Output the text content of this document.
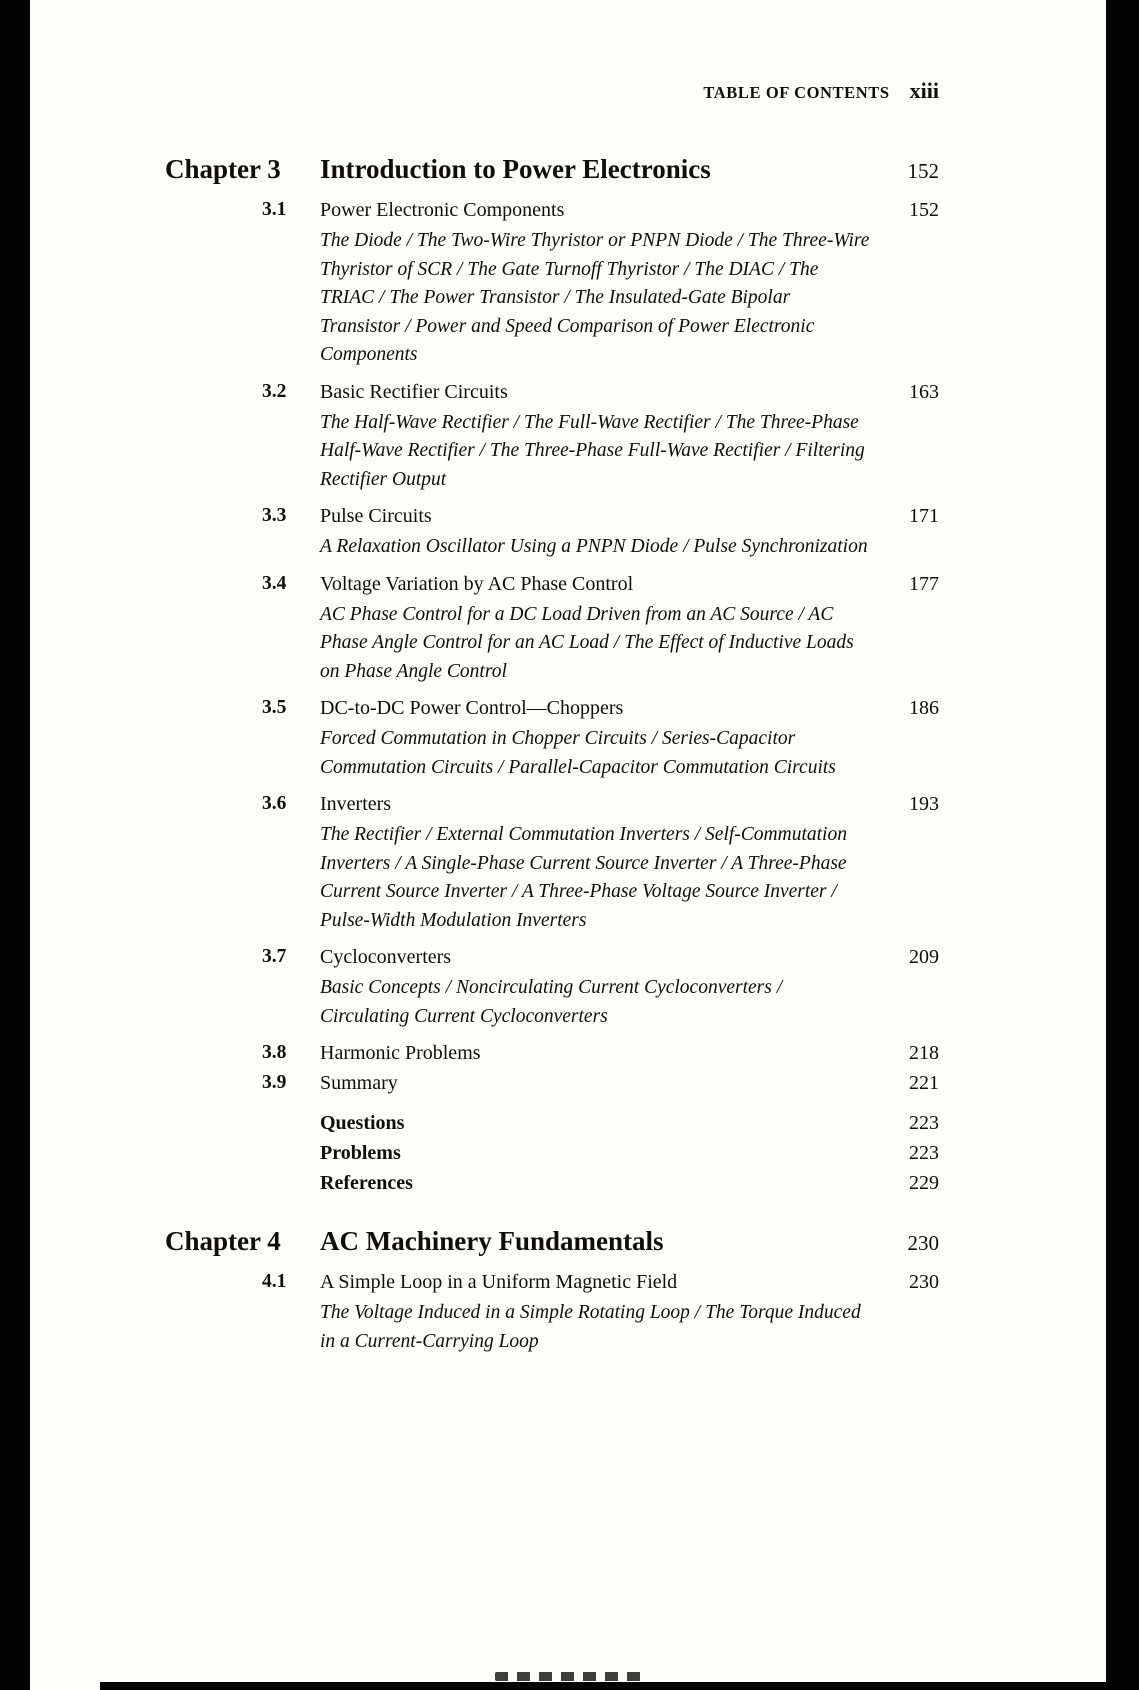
TABLE OF CONTENTS xiii
Chapter 3	Introduction to Power Electronics	152
3.1	Power Electronic Components	152

The Diode / The Two-Wire Thyristor or PNPN Diode / The Three-Wire Thyristor of SCR / The Gate Turnoff Thyristor / The DIAC / The TRIAC / The Power Transistor / The Insulated-Gate Bipolar Transistor / Power and Speed Comparison of Power Electronic Components

3.2	Basic Rectifier Circuits	163

The Half-Wave Rectifier / The Full-Wave Rectifier / The Three-Phase Half-Wave Rectifier / The Three-Phase Full-Wave Rectifier / Filtering Rectifier Output

3.3	Pulse Circuits	171

A Relaxation Oscillator Using a PNPN Diode / Pulse Synchronization

3.4	Voltage Variation by AC Phase Control	177

AC Phase Control for a DC Load Driven from an AC Source / AC Phase Angle Control for an AC Load / The Effect of Inductive Loads on Phase Angle Control

3.5	DC-to-DC Power Control—Choppers	186

Forced Commutation in Chopper Circuits / Series-Capacitor Commutation Circuits / Parallel-Capacitor Commutation Circuits

3.6	Inverters	193

The Rectifier / External Commutation Inverters / Self-Commutation Inverters / A Single-Phase Current Source Inverter / A Three-Phase Current Source Inverter / A Three-Phase Voltage Source Inverter / Pulse-Width Modulation Inverters

3.7	Cycloconverters	209

Basic Concepts / Noncirculating Current Cycloconverters / Circulating Current Cycloconverters

3.8	Harmonic Problems	218
3.9	Summary	221
Questions	223
Problems	223
References	229
Chapter 4	AC Machinery Fundamentals	230
4.1	A Simple Loop in a Uniform Magnetic Field	230

The Voltage Induced in a Simple Rotating Loop / The Torque Induced in a Current-Carrying Loop
